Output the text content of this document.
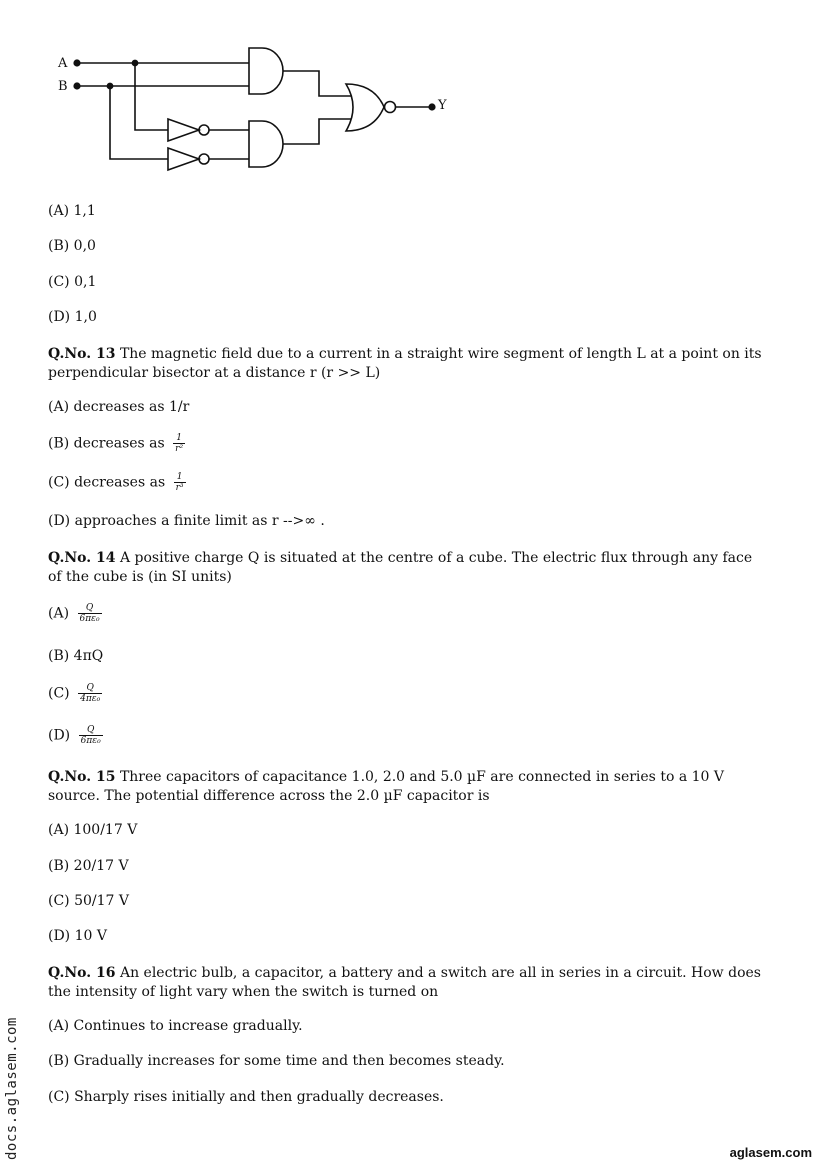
A
B
Y
(A) 1,1
(B) 0,0
(C) 0,1
(D) 1,0
Q.No. 13 The magnetic field due to a current in a straight wire segment of length L at a point on its perpendicular bisector at a distance r (r >> L)
(A) decreases as 1/r
(B) decreases as $\frac{1}{\text{r²}}$
(C) decreases as $\frac{1}{\text{r³}}$
(D) approaches a finite limit as r -->∞ .
Q.No. 14 A positive charge Q is situated at the centre of a cube. The electric flux through any face of the cube is (in SI units)
$(A) \frac{Q}{\text{6πε₀}}$
(B) 4πQ
$(C) \frac{Q}{\text{4πε₀}}$
$(D) \frac{Q}{\text{6πε₀}}$
Q.No. 15 Three capacitors of capacitance 1.0, 2.0 and 5.0 µF are connected in series to a 10 V source. The potential difference across the 2.0 µF capacitor is
(A) 100/17 V
(B) 20/17 V
(C) 50/17 V
(D) 10 V
Q.No. 16 An electric bulb, a capacitor, a battery and a switch are all in series in a circuit. How does the intensity of light vary when the switch is turned on
(A) Continues to increase gradually.
(B) Gradually increases for some time and then becomes steady.
(C) Sharply rises initially and then gradually decreases.
docs.aglasem.com	aglasem.com
